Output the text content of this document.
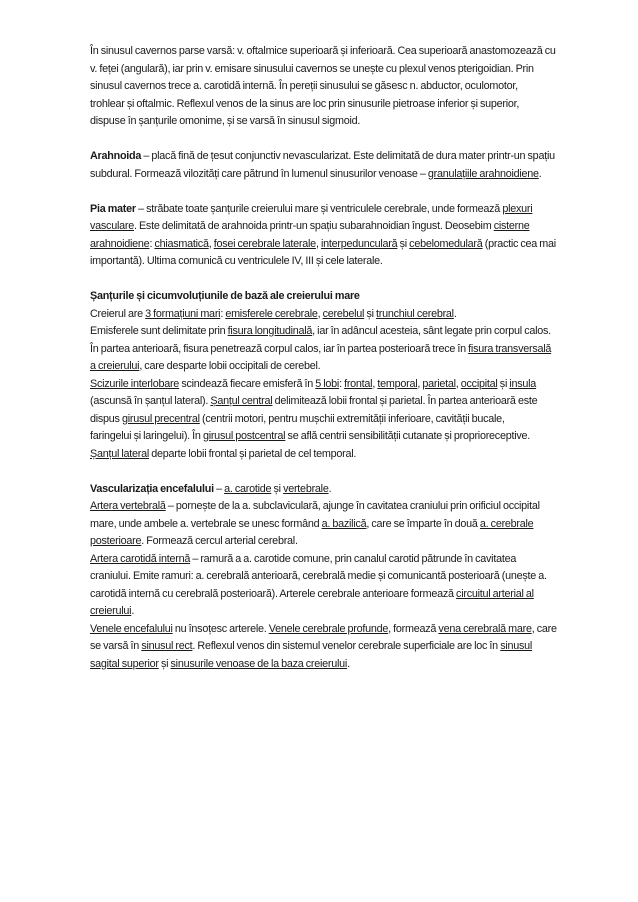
În sinusul cavernos parse varsă: v. oftalmice superioară și inferioară. Cea superioară anastomozează cu
v. feței (angulară), iar prin v. emisare sinusului cavernos se unește cu plexul venos pterigoidian. Prin
sinusul cavernos trece a. carotidă internă. În pereții sinusului se găsesc n. abductor, oculomotor,
trohlear și oftalmic. Reflexul venos de la sinus are loc prin sinusurile pietroase inferior și superior,
dispuse în șanțurile omonime, și se varsă în sinusul sigmoid.
Arahnoida – placă fină de țesut conjunctiv nevascularizat. Este delimitată de dura mater printr-un spațiu
subdural. Formează vilozități care pătrund în lumenul sinusurilor venoase – granulațiile arahnoidiene.
Pia mater – străbate toate șanțurile creierului mare și ventriculele cerebrale, unde formează plexuri
vasculare. Este delimitată de arahnoida printr-un spațiu subarahnoidian îngust. Deosebim cisterne
arahnoidiene: chiasmatică, fosei cerebrale laterale, interpedunculară și cebelomedulară (practic cea mai
importantă). Ultima comunică cu ventriculele IV, III și cele laterale.
Șanțurile și cicumvoluțiunile de bază ale creierului mare
Creierul are 3 formațiuni mari: emisferele cerebrale, cerebelul și trunchiul cerebral.
Emisferele sunt delimitate prin fisura longitudinală, iar în adâncul acesteia, sânt legate prin corpul calos.
În partea anterioară, fisura penetrează corpul calos, iar în partea posterioară trece în fisura transversală
a creierului, care desparte lobii occipitali de cerebel.
Scizurile interlobare scindează fiecare emisferă în 5 lobi: frontal, temporal, parietal, occipital și insula
(ascunsă în șanțul lateral). Șanțul central delimitează lobii frontal și parietal. În partea anterioară este
dispus girusul precentral (centrii motori, pentru mușchii extremității inferioare, cavității bucale,
faringelui și laringelui). În girusul postcentral se află centrii sensibilității cutanate și proprioreceptive.
Șanțul lateral departe lobii frontal și parietal de cel temporal.
Vascularizația encefalului – a. carotide și vertebrale.
Artera vertebrală – pornește de la a. subclaviculară, ajunge în cavitatea craniului prin orificiul occipital
mare, unde ambele a. vertebrale se unesc formând a. bazilică, care se împarte în două a. cerebrale
posterioare. Formează cercul arterial cerebral.
Artera carotidă internă – ramură a a. carotide comune, prin canalul carotid pătrunde în cavitatea
craniului. Emite ramuri: a. cerebrală anterioară, cerebrală medie și comunicantă posterioară (unește a.
carotidă internă cu cerebrală posterioară). Arterele cerebrale anterioare formează circuitul arterial al
creierului.
Venele encefalului nu însoțesc arterele. Venele cerebrale profunde, formează vena cerebrală mare, care
se varsă în sinusul rect. Reflexul venos din sistemul venelor cerebrale superficiale are loc în sinusul
sagital superior și sinusurile venoase de la baza creierului.
